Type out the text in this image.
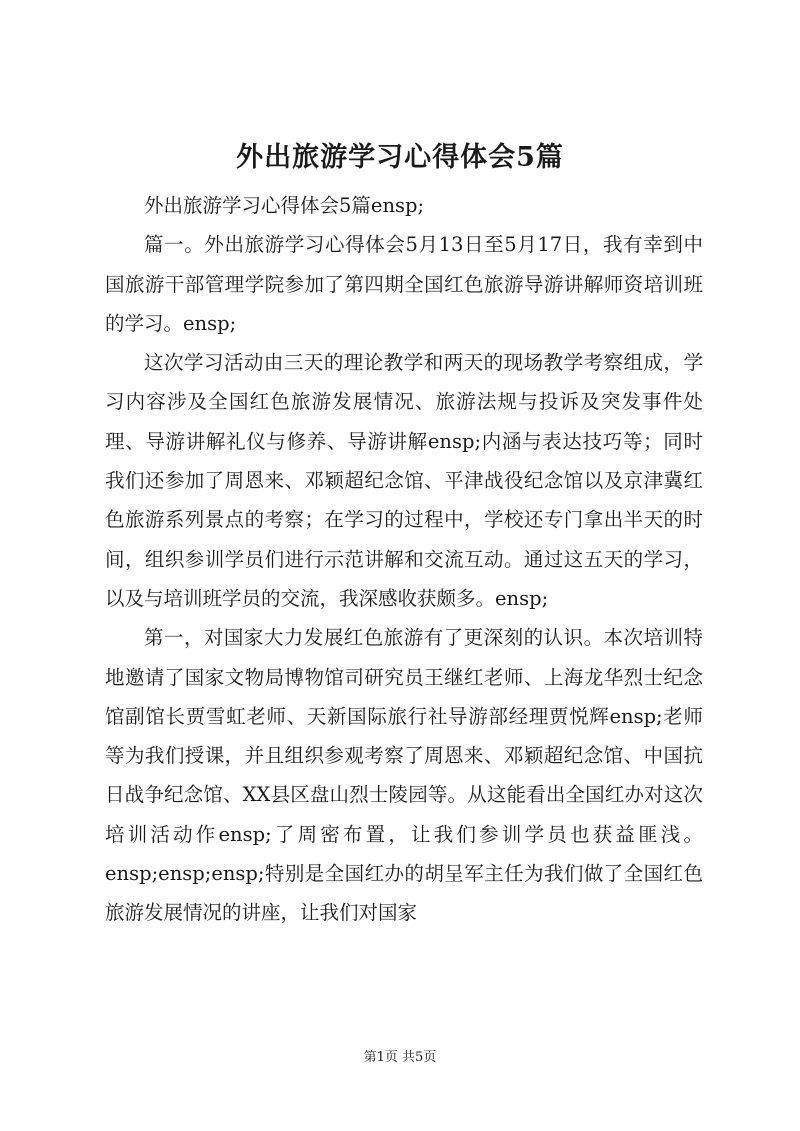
外出旅游学习心得体会5篇

外出旅游学习心得体会5篇ensp;

篇一。外出旅游学习心得体会5月13日至5月17日，我有幸到中国旅游干部管理学院参加了第四期全国红色旅游导游讲解师资培训班的学习。ensp;

这次学习活动由三天的理论教学和两天的现场教学考察组成，学习内容涉及全国红色旅游发展情况、旅游法规与投诉及突发事件处理、导游讲解礼仪与修养、导游讲解ensp;内涵与表达技巧等；同时我们还参加了周恩来、邓颖超纪念馆、平津战役纪念馆以及京津冀红色旅游系列景点的考察；在学习的过程中，学校还专门拿出半天的时间，组织参训学员们进行示范讲解和交流互动。通过这五天的学习，以及与培训班学员的交流，我深感收获颇多。ensp;

第一，对国家大力发展红色旅游有了更深刻的认识。本次培训特地邀请了国家文物局博物馆司研究员王继红老师、上海龙华烈士纪念馆副馆长贾雪虹老师、天新国际旅行社导游部经理贾悦辉ensp;老师等为我们授课，并且组织参观考察了周恩来、邓颖超纪念馆、中国抗日战争纪念馆、XX县区盘山烈士陵园等。从这能看出全国红办对这次培训活动作ensp;了周密布置，让我们参训学员也获益匪浅。ensp;ensp;ensp;特别是全国红办的胡呈军主任为我们做了全国红色旅游发展情况的讲座，让我们对国家

第1页 共5页
